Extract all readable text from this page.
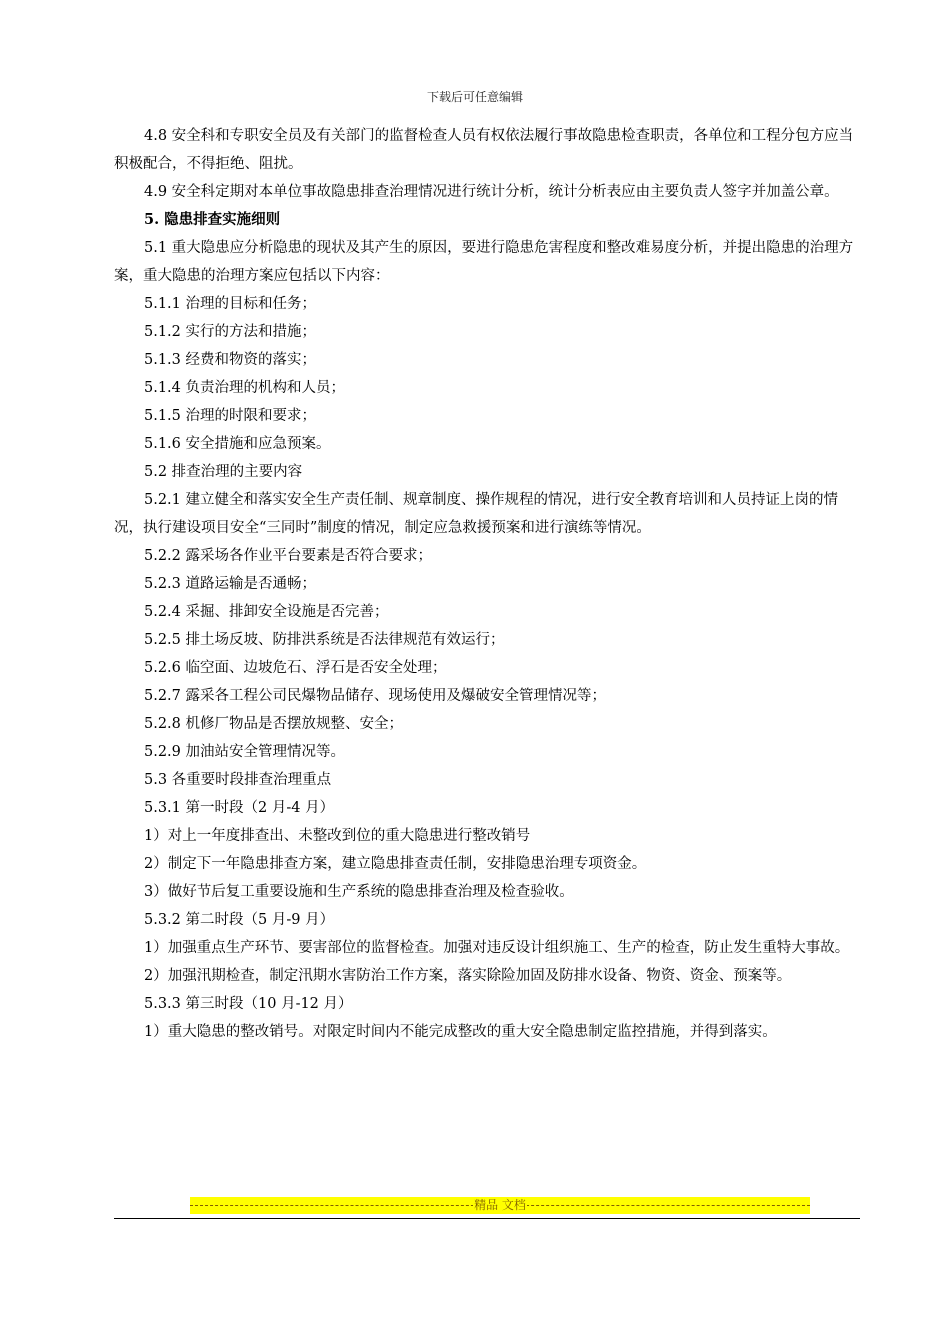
下载后可任意编辑

4.8 安全科和专职安全员及有关部门的监督检查人员有权依法履行事故隐患检查职责，各单位和工程分包方应当积极配合，不得拒绝、阻扰。

4.9 安全科定期对本单位事故隐患排查治理情况进行统计分析，统计分析表应由主要负责人签字并加盖公章。

5. 隐患排查实施细则

5.1 重大隐患应分析隐患的现状及其产生的原因，要进行隐患危害程度和整改难易度分析，并提出隐患的治理方案，重大隐患的治理方案应包括以下内容：

5.1.1 治理的目标和任务；

5.1.2 实行的方法和措施；

5.1.3 经费和物资的落实；

5.1.4 负责治理的机构和人员；

5.1.5 治理的时限和要求；

5.1.6 安全措施和应急预案。

5.2 排查治理的主要内容

5.2.1 建立健全和落实安全生产责任制、规章制度、操作规程的情况，进行安全教育培训和人员持证上岗的情况，执行建设项目安全“三同时”制度的情况，制定应急救援预案和进行演练等情况。

5.2.2 露采场各作业平台要素是否符合要求；

5.2.3 道路运输是否通畅；

5.2.4 采掘、排卸安全设施是否完善；

5.2.5 排土场反坡、防排洪系统是否法律规范有效运行；

5.2.6 临空面、边坡危石、浮石是否安全处理；

5.2.7 露采各工程公司民爆物品储存、现场使用及爆破安全管理情况等；

5.2.8 机修厂物品是否摆放规整、安全；

5.2.9 加油站安全管理情况等。

5.3 各重要时段排查治理重点

5.3.1 第一时段（2 月-4 月）

1）对上一年度排查出、未整改到位的重大隐患进行整改销号

2）制定下一年隐患排查方案，建立隐患排查责任制，安排隐患治理专项资金。

3）做好节后复工重要设施和生产系统的隐患排查治理及检查验收。

5.3.2 第二时段（5 月-9 月）

1）加强重点生产环节、要害部位的监督检查。加强对违反设计组织施工、生产的检查，防止发生重特大事故。

2）加强汛期检查，制定汛期水害防治工作方案，落实除险加固及防排水设备、物资、资金、预案等。

5.3.3 第三时段（10 月-12 月）

1）重大隐患的整改销号。对限定时间内不能完成整改的重大安全隐患制定监控措施，并得到落实。

精品 文档
